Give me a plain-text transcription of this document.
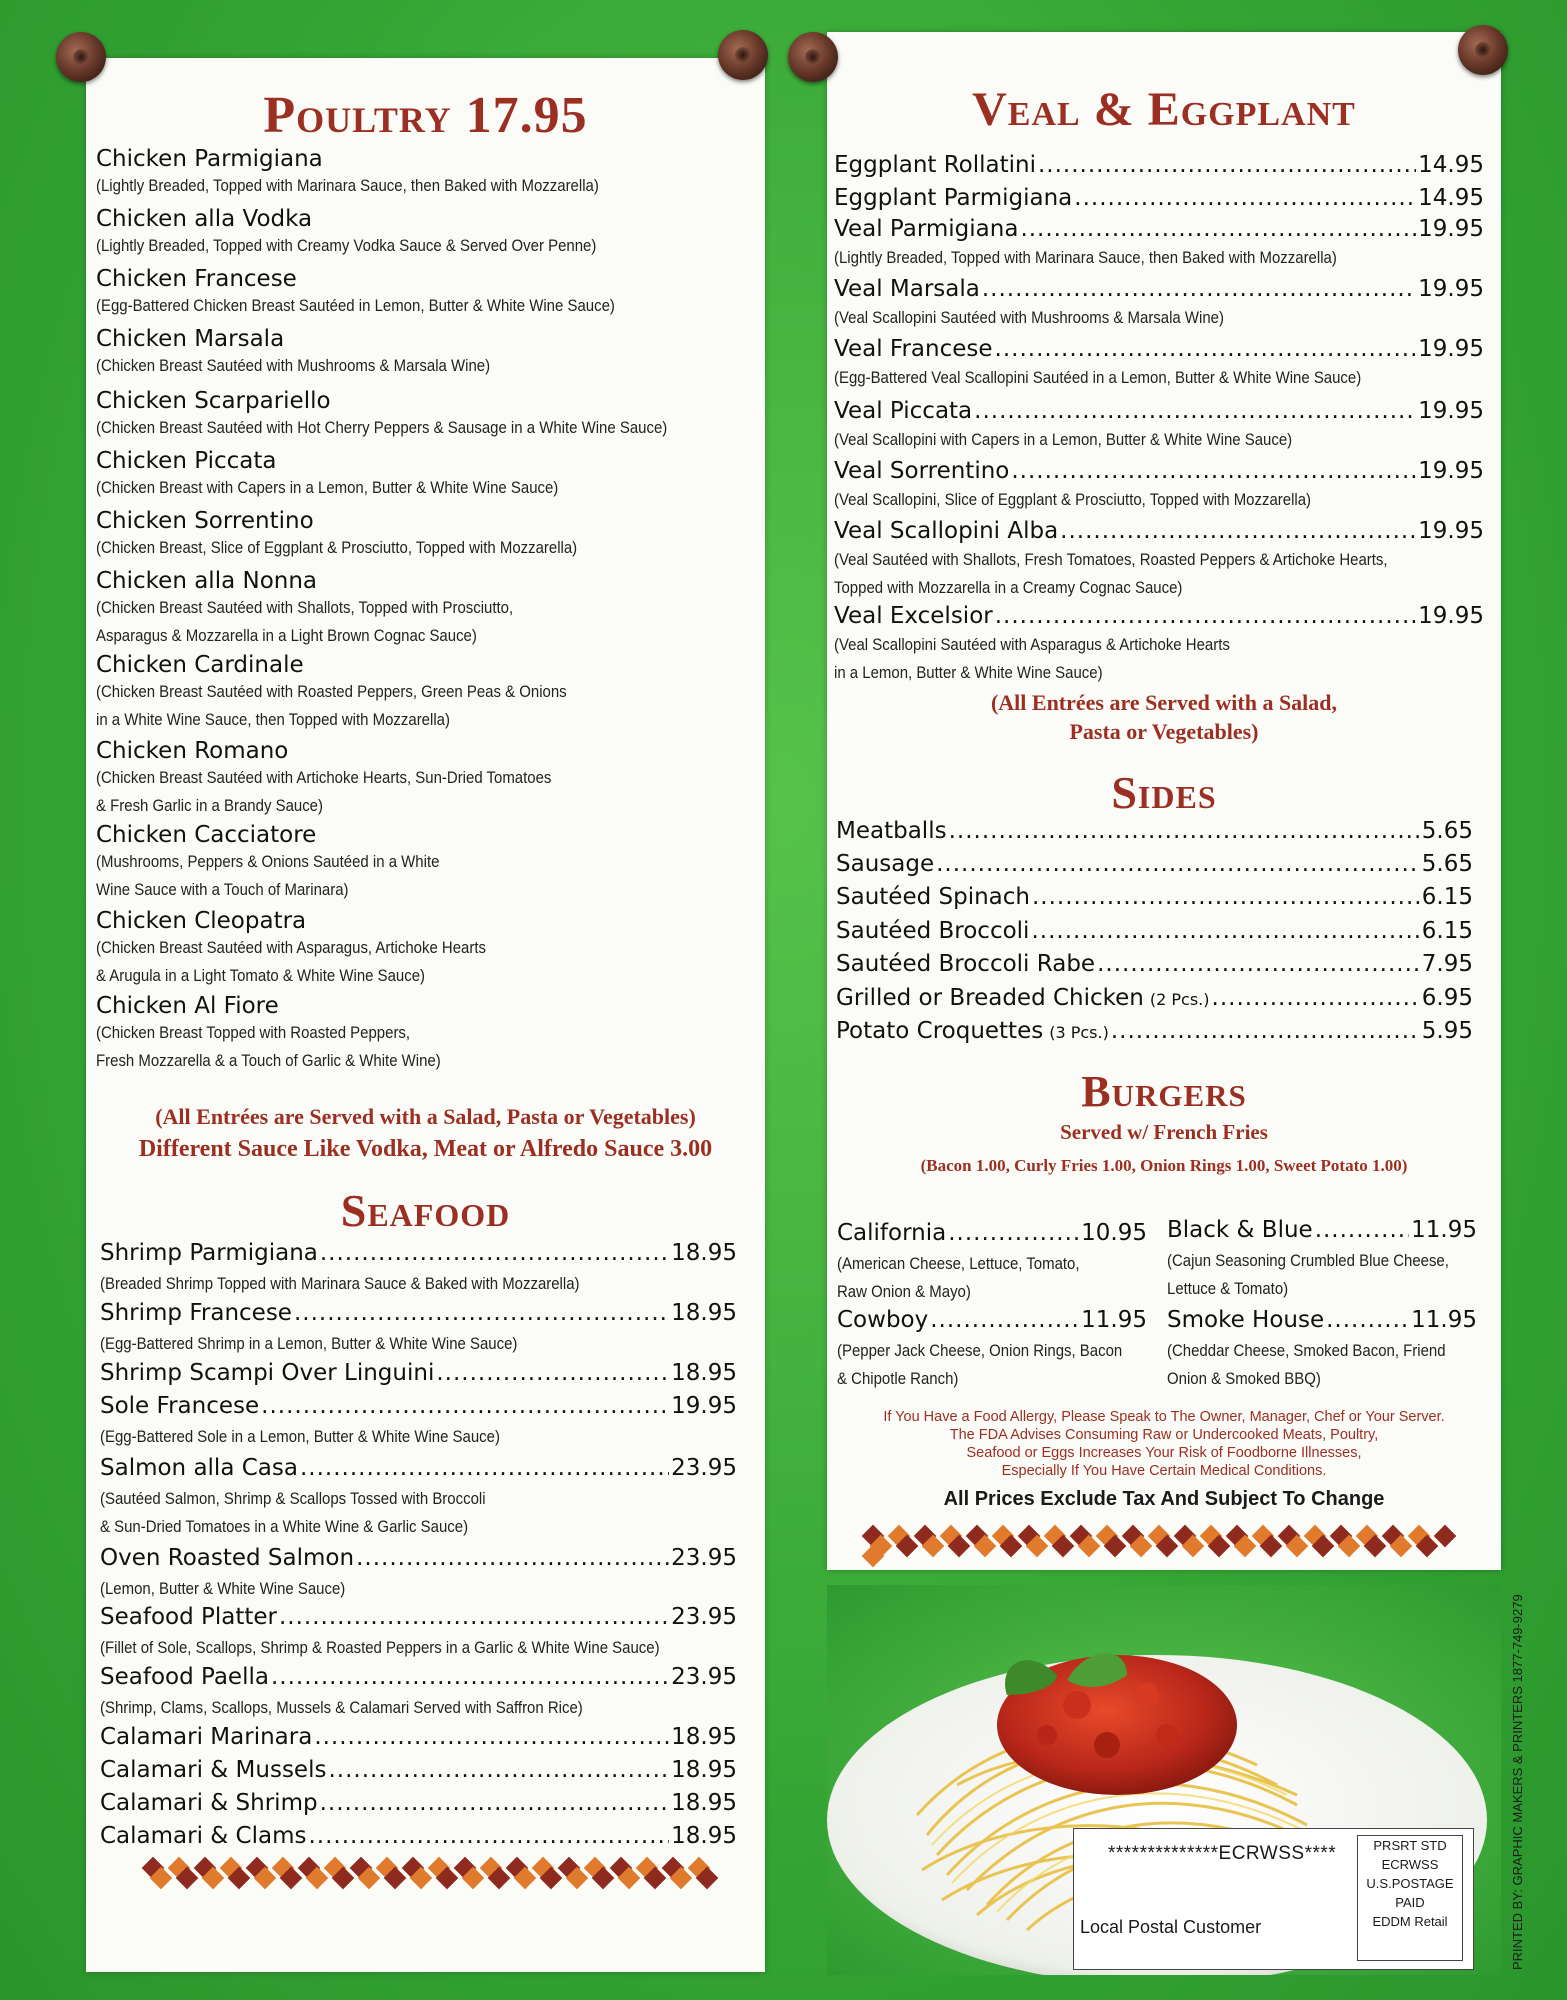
Poultry 17.95
Chicken Parmigiana
(Lightly Breaded, Topped with Marinara Sauce, then Baked with Mozzarella)
Chicken alla Vodka
(Lightly Breaded, Topped with Creamy Vodka Sauce & Served Over Penne)
Chicken Francese
(Egg-Battered Chicken Breast Sautéed in Lemon, Butter & White Wine Sauce)
Chicken Marsala
(Chicken Breast Sautéed with Mushrooms & Marsala Wine)
Chicken Scarpariello
(Chicken Breast Sautéed with Hot Cherry Peppers & Sausage in a White Wine Sauce)
Chicken Piccata
(Chicken Breast with Capers in a Lemon, Butter & White Wine Sauce)
Chicken Sorrentino
(Chicken Breast, Slice of Eggplant & Prosciutto, Topped with Mozzarella)
Chicken alla Nonna
(Chicken Breast Sautéed with Shallots, Topped with Prosciutto,
Asparagus & Mozzarella in a Light Brown Cognac Sauce)
Chicken Cardinale
(Chicken Breast Sautéed with Roasted Peppers, Green Peas & Onions
in a White Wine Sauce, then Topped with Mozzarella)
Chicken Romano
(Chicken Breast Sautéed with Artichoke Hearts, Sun-Dried Tomatoes
& Fresh Garlic in a Brandy Sauce)
Chicken Cacciatore
(Mushrooms, Peppers & Onions Sautéed in a White
Wine Sauce with a Touch of Marinara)
Chicken Cleopatra
(Chicken Breast Sautéed with Asparagus, Artichoke Hearts
& Arugula in a Light Tomato & White Wine Sauce)
Chicken Al Fiore
(Chicken Breast Topped with Roasted Peppers,
Fresh Mozzarella & a Touch of Garlic & White Wine)
(All Entrées are Served with a Salad, Pasta or Vegetables)
Different Sauce Like Vodka, Meat or Alfredo Sauce 3.00
Seafood
Shrimp Parmigiana .....	18.95
(Breaded Shrimp Topped with Marinara Sauce & Baked with Mozzarella)
Shrimp Francese .....	18.95
(Egg-Battered Shrimp in a Lemon, Butter & White Wine Sauce)
Shrimp Scampi Over Linguini .....	18.95
Sole Francese .....	19.95
(Egg-Battered Sole in a Lemon, Butter & White Wine Sauce)
Salmon alla Casa .....	23.95
(Sautéed Salmon, Shrimp & Scallops Tossed with Broccoli
& Sun-Dried Tomatoes in a White Wine & Garlic Sauce)
Oven Roasted Salmon .....	23.95
(Lemon, Butter & White Wine Sauce)
Seafood Platter .....	23.95
(Fillet of Sole, Scallops, Shrimp & Roasted Peppers in a Garlic & White Wine Sauce)
Seafood Paella .....	23.95
(Shrimp, Clams, Scallops, Mussels & Calamari Served with Saffron Rice)
Calamari Marinara .....	18.95
Calamari & Mussels .....	18.95
Calamari & Shrimp .....	18.95
Calamari & Clams .....	18.95
Veal & Eggplant
Eggplant Rollatini .....	14.95
Eggplant Parmigiana .....	14.95
Veal Parmigiana .....	19.95
(Lightly Breaded, Topped with Marinara Sauce, then Baked with Mozzarella)
Veal Marsala .....	19.95
(Veal Scallopini Sautéed with Mushrooms & Marsala Wine)
Veal Francese .....	19.95
(Egg-Battered Veal Scallopini Sautéed in a Lemon, Butter & White Wine Sauce)
Veal Piccata .....	19.95
(Veal Scallopini with Capers in a Lemon, Butter & White Wine Sauce)
Veal Sorrentino .....	19.95
(Veal Scallopini, Slice of Eggplant & Prosciutto, Topped with Mozzarella)
Veal Scallopini Alba .....	19.95
(Veal Sautéed with Shallots, Fresh Tomatoes, Roasted Peppers & Artichoke Hearts,
Topped with Mozzarella in a Creamy Cognac Sauce)
Veal Excelsior .....	19.95
(Veal Scallopini Sautéed with Asparagus & Artichoke Hearts
in a Lemon, Butter & White Wine Sauce)
(All Entrées are Served with a Salad,
Pasta or Vegetables)
Sides
Meatballs .....	5.65
Sausage .....	5.65
Sautéed Spinach .....	6.15
Sautéed Broccoli .....	6.15
Sautéed Broccoli Rabe .....	7.95
Grilled or Breaded Chicken (2 Pcs.) .....	6.95
Potato Croquettes (3 Pcs.) .....	5.95
Burgers
Served w/ French Fries
(Bacon 1.00, Curly Fries 1.00, Onion Rings 1.00, Sweet Potato 1.00)
California .....	10.95
(American Cheese, Lettuce, Tomato,
Raw Onion & Mayo)
Black & Blue .....	11.95
(Cajun Seasoning Crumbled Blue Cheese,
Lettuce & Tomato)
Cowboy .....	11.95
(Pepper Jack Cheese, Onion Rings, Bacon
& Chipotle Ranch)
Smoke House .....	11.95
(Cheddar Cheese, Smoked Bacon, Friend
Onion & Smoked BBQ)
If You Have a Food Allergy, Please Speak to The Owner, Manager, Chef or Your Server.
The FDA Advises Consuming Raw or Undercooked Meats, Poultry,
Seafood or Eggs Increases Your Risk of Foodborne Illnesses,
Especially If You Have Certain Medical Conditions.
All Prices Exclude Tax And Subject To Change
**************ECRWSS****
Local Postal Customer
PRSRT STD
ECRWSS
U.S.POSTAGE
PAID
EDDM Retail	PRINTED BY: GRAPHIC MAKERS & PRINTERS 1877-749-9279
